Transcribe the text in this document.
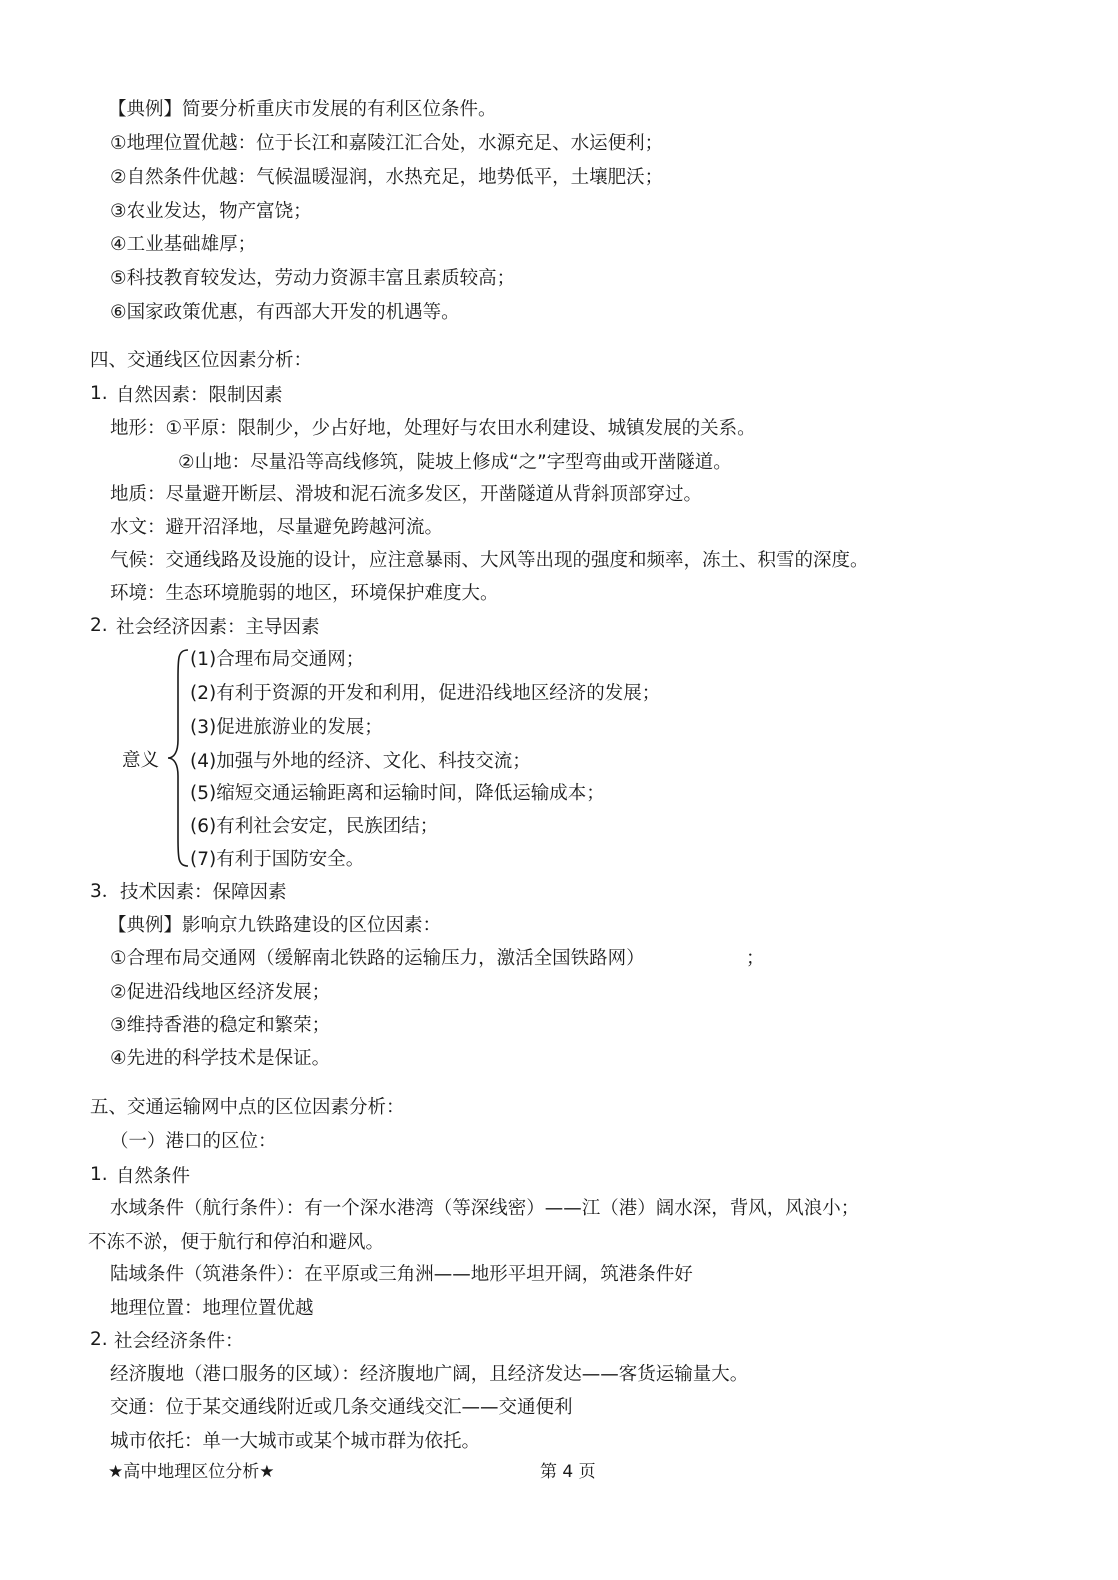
【典例】简要分析重庆市发展的有利区位条件。
①地理位置优越：位于长江和嘉陵江汇合处，水源充足、水运便利；
②自然条件优越：气候温暖湿润，水热充足，地势低平，土壤肥沃；
③农业发达，物产富饶；
④工业基础雄厚；
⑤科技教育较发达，劳动力资源丰富且素质较高；
⑥国家政策优惠，有西部大开发的机遇等。
四、交通线区位因素分析：
1. 自然因素：限制因素
地形：①平原：限制少，少占好地，处理好与农田水利建设、城镇发展的关系。
②山地：尽量沿等高线修筑，陡坡上修成“之”字型弯曲或开凿隧道。
地质：尽量避开断层、滑坡和泥石流多发区，开凿隧道从背斜顶部穿过。
水文：避开沼泽地，尽量避免跨越河流。
气候：交通线路及设施的设计，应注意暴雨、大风等出现的强度和频率，冻土、积雪的深度。
环境：生态环境脆弱的地区，环境保护难度大。
2. 社会经济因素：主导因素
意义
(1)合理布局交通网；
(2)有利于资源的开发和利用，促进沿线地区经济的发展；
(3)促进旅游业的发展；
(4)加强与外地的经济、文化、科技交流；
(5)缩短交通运输距离和运输时间，降低运输成本；
(6)有利社会安定，民族团结；
(7)有利于国防安全。
3． 技术因素：保障因素
【典例】影响京九铁路建设的区位因素：
①合理布局交通网（缓解南北铁路的运输压力，激活全国铁路网）	；
②促进沿线地区经济发展；
③维持香港的稳定和繁荣；
④先进的科学技术是保证。
五、交通运输网中点的区位因素分析：
（一）港口的区位：
1. 自然条件
水域条件（航行条件）：有一个深水港湾（等深线密）——江（港）阔水深，背风，风浪小；
不冻不淤，便于航行和停泊和避风。
陆域条件（筑港条件）：在平原或三角洲——地形平坦开阔，筑港条件好
地理位置：地理位置优越
2. 社会经济条件：
经济腹地（港口服务的区域）：经济腹地广阔，且经济发达——客货运输量大。
交通：位于某交通线附近或几条交通线交汇——交通便利
城市依托：单一大城市或某个城市群为依托。
★高中地理区位分析★	第 4 页
